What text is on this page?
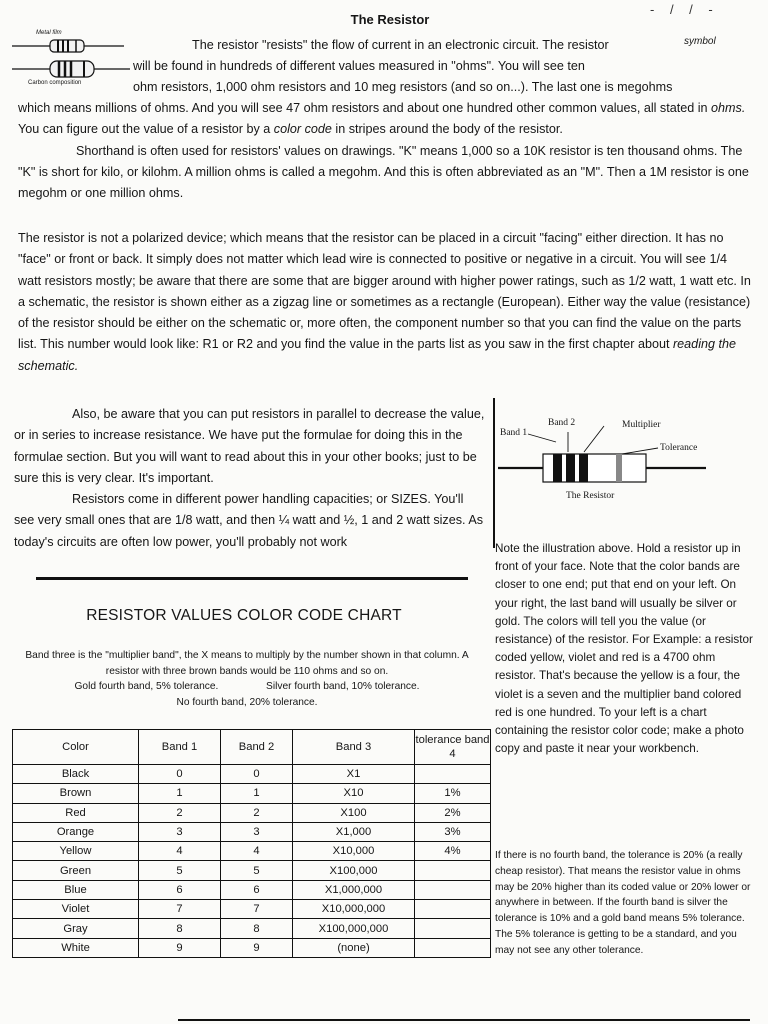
The Resistor
- / / -
symbol
Metal film
Carbon composition
The resistor "resists" the flow of current in an electronic circuit. The resistor
will be found in hundreds of different values measured in "ohms". You will see ten
ohm resistors, 1,000 ohm resistors and 10 meg resistors (and so on...). The last one is megohms

which means millions of ohms. And you will see 47 ohm resistors and about one hundred other common values, all stated in ohms. You can figure out the value of a resistor by a color code in stripes around the body of the resistor.

Shorthand is often used for resistors' values on drawings. "K" means 1,000 so a 10K resistor is ten thousand ohms. The "K" is short for kilo, or kilohm. A million ohms is called a megohm. And this is often abbreviated as an "M". Then a 1M resistor is one megohm or one million ohms.

The resistor is not a polarized device; which means that the resistor can be placed in a circuit "facing" either direction. It has no "face" or front or back. It simply does not matter which lead wire is connected to positive or negative in a circuit. You will see 1/4 watt resistors mostly; be aware that there are some that are bigger around with higher power ratings, such as 1/2 watt, 1 watt etc. In a schematic, the resistor is shown either as a zigzag line or sometimes as a rectangle (European). Either way the value (resistance) of the resistor should be either on the schematic or, more often, the component number so that you can find the value on the parts list. This number would look like: R1 or R2 and you find the value in the parts list as you saw in the first chapter about reading the schematic.

Also, be aware that you can put resistors in parallel to decrease the value, or in series to increase resistance. We have put the formulae for doing this in the formulae section. But you will want to read about this in your other books; just to be sure this is very clear. It's important.

Resistors come in different power handling capacities; or SIZES. You'll see very small ones that are 1/8 watt, and then ¼ watt and ½, 1 and 2 watt sizes. As today's circuits are often low power, you'll probably not work

Band 1
Band 2	Multiplier
Tolerance
The Resistor
Note the illustration above. Hold a resistor up in front of your face. Note that the color bands are closer to one end; put that end on your left. On your right, the last band will usually be silver or gold. The colors will tell you the value (or resistance) of the resistor. For Example: a resistor coded yellow, violet and red is a 4700 ohm resistor. That's because the yellow is a four, the violet is a seven and the multiplier band colored red is one hundred. To your left is a chart containing the resistor color code; make a photo copy and paste it near your workbench.
If there is no fourth band, the tolerance is 20% (a really cheap resistor). That means the resistor value in ohms may be 20% higher than its coded value or 20% lower or anywhere in between. If the fourth band is silver the tolerance is 10% and a gold band means 5% tolerance. The 5% tolerance is getting to be a standard, and you may not see any other tolerance.
RESISTOR VALUES COLOR CODE CHART
Band three is the "multiplier band", the X means to multiply by the number shown in that column. A resistor with three brown bands would be 110 ohms and so on.
Gold fourth band, 5% tolerance.	Silver fourth band, 10% tolerance.
No fourth band, 20% tolerance.
Color	Band 1	Band 2	Band 3	tolerance band 4
Black	0	0	X1	
Brown	1	1	X10	1%
Red	2	2	X100	2%
Orange	3	3	X1,000	3%
Yellow	4	4	X10,000	4%
Green	5	5	X100,000	
Blue	6	6	X1,000,000	
Violet	7	7	X10,000,000	
Gray	8	8	X100,000,000	
White	9	9	(none)	
